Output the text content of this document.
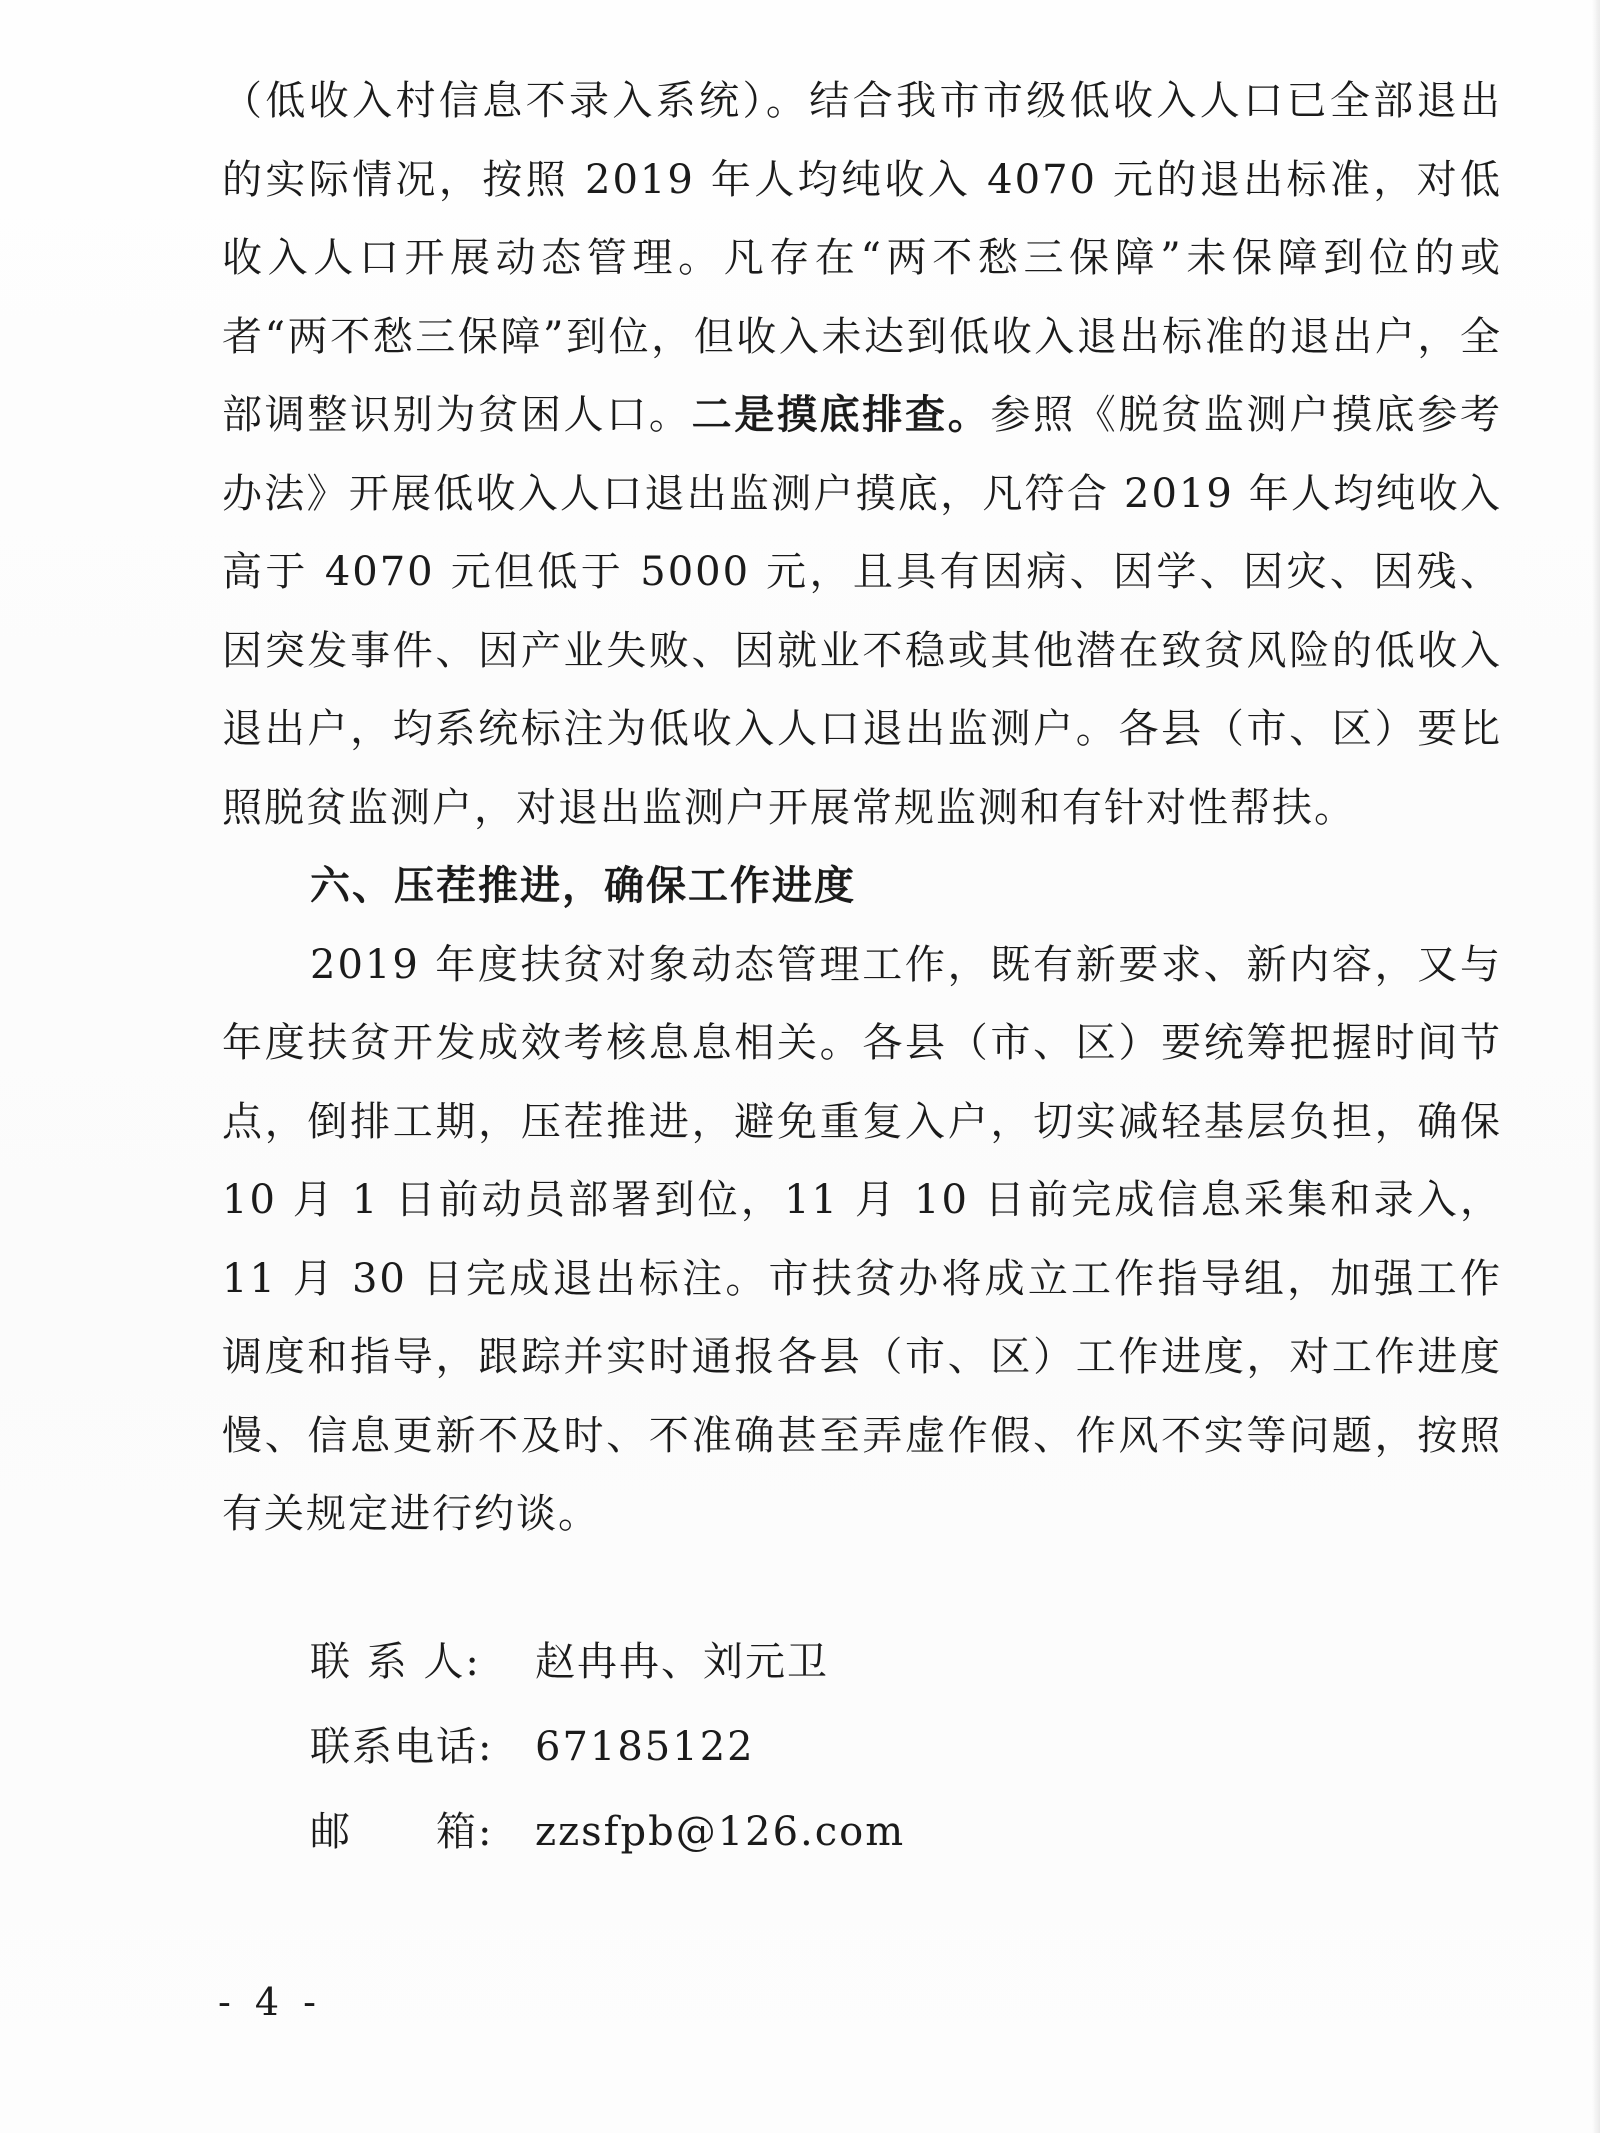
（低收入村信息不录入系统）。结合我市市级低收入人口已全部退出的实际情况，按照 2019 年人均纯收入 4070 元的退出标准，对低收入人口开展动态管理。凡存在“两不愁三保障”未保障到位的或者“两不愁三保障”到位，但收入未达到低收入退出标准的退出户，全部调整识别为贫困人口。二是摸底排查。参照《脱贫监测户摸底参考办法》开展低收入人口退出监测户摸底，凡符合 2019 年人均纯收入高于 4070 元但低于 5000 元，且具有因病、因学、因灾、因残、因突发事件、因产业失败、因就业不稳或其他潜在致贫风险的低收入退出户，均系统标注为低收入人口退出监测户。各县（市、区）要比照脱贫监测户，对退出监测户开展常规监测和有针对性帮扶。

六、压茬推进，确保工作进度

2019 年度扶贫对象动态管理工作，既有新要求、新内容，又与年度扶贫开发成效考核息息相关。各县（市、区）要统筹把握时间节点，倒排工期，压茬推进，避免重复入户，切实减轻基层负担，确保 10 月 1 日前动员部署到位，11 月 10 日前完成信息采集和录入，11 月 30 日完成退出标注。市扶贫办将成立工作指导组，加强工作调度和指导，跟踪并实时通报各县（市、区）工作进度，对工作进度慢、信息更新不及时、不准确甚至弄虚作假、作风不实等问题，按照有关规定进行约谈。

联 系 人: 赵冉冉、刘元卫

联系电话: 67185122

邮　　箱: zzsfpb@126.com

- 4 -
